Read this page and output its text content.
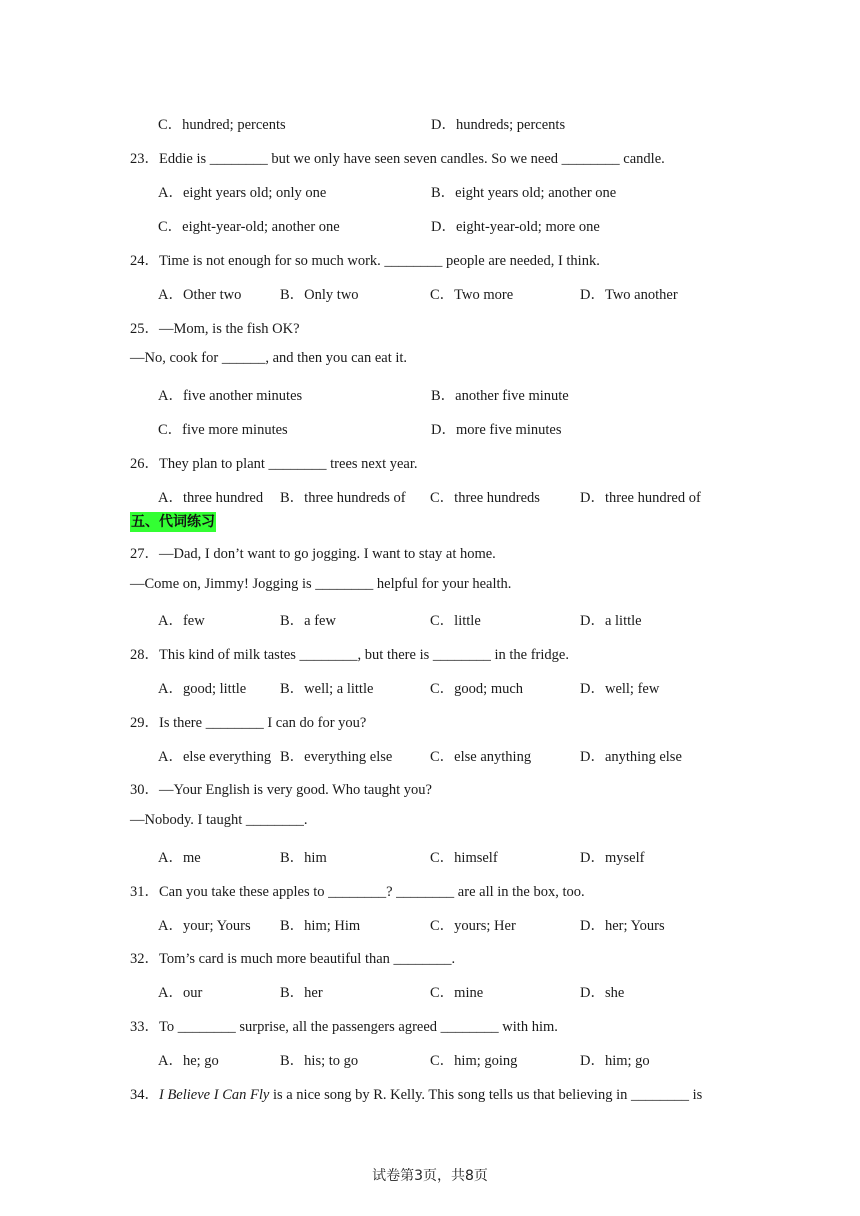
C．hundred; percents	D．hundreds; percents
23．Eddie is ________ but we only have seen seven candles. So we need ________ candle.
A．eight years old; only one	B．eight years old; another one
C．eight-year-old; another one	D．eight-year-old; more one
24．Time is not enough for so much work. ________ people are needed, I think.
A．Other two	B．Only two	C．Two more	D．Two another
25．—Mom, is the fish OK?
—No, cook for ______, and then you can eat it.
A．five another minutes	B．another five minute
C．five more minutes	D．more five minutes
26．They plan to plant ________ trees next year.
A．three hundred B．three hundreds of C．three hundreds	D．three hundred of
五、代词练习
27．—Dad, I don’t want to go jogging. I want to stay at home.
—Come on, Jimmy! Jogging is ________ helpful for your health.
A．few	B．a few	C．little	D．a little
28．This kind of milk tastes ________, but there is ________ in the fridge.
A．good; little B．well; a little	C．good; much	D．well; few
29．Is there ________ I can do for you?
A．else everything B．everything else	C．else anything	D．anything else
30．—Your English is very good. Who taught you?
—Nobody. I taught ________.
A．me	B．him	C．himself	D．myself
31．Can you take these apples to ________? ________ are all in the box, too.
A．your; Yours B．him; Him	C．yours; Her	D．her; Yours
32．Tom’s card is much more beautiful than ________.
A．our	B．her	C．mine	D．she
33．To ________ surprise, all the passengers agreed ________ with him.
A．he; go	B．his; to go	C．him; going	D．him; go
34．I Believe I Can Fly is a nice song by R. Kelly. This song tells us that believing in ________ is
试卷第3页，共8页
